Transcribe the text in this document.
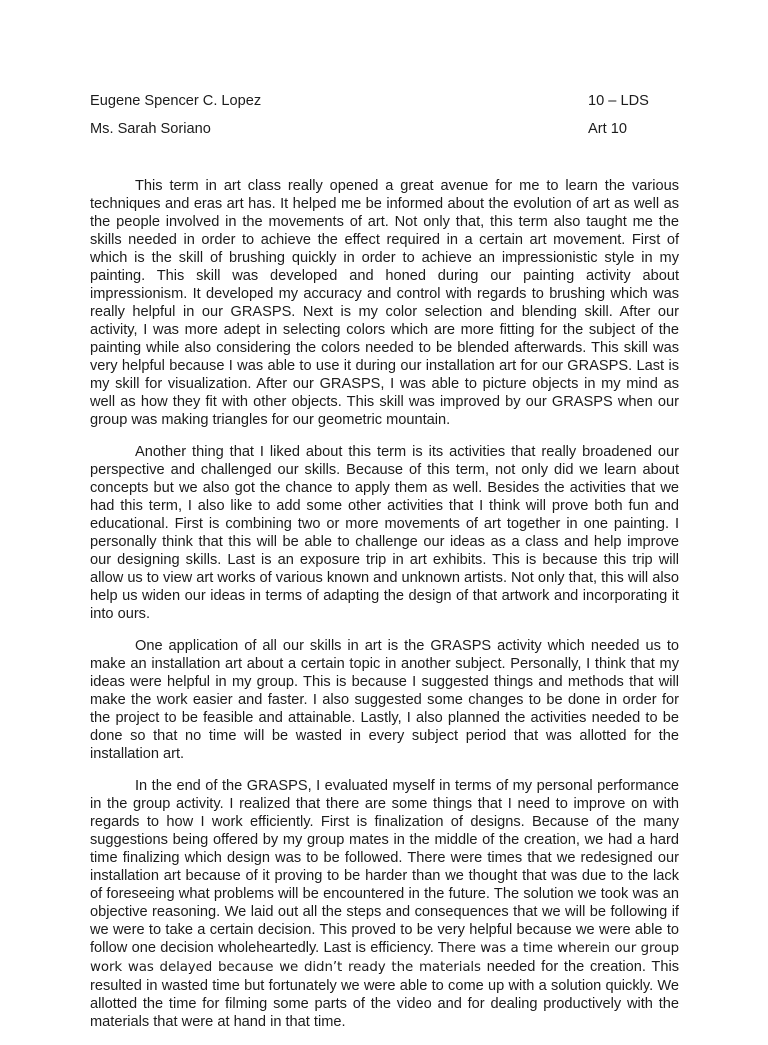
Eugene Spencer C. Lopez	10 – LDS
Ms. Sarah Soriano	Art 10

This term in art class really opened a great avenue for me to learn the various techniques and eras art has. It helped me be informed about the evolution of art as well as the people involved in the movements of art. Not only that, this term also taught me the skills needed in order to achieve the effect required in a certain art movement. First of which is the skill of brushing quickly in order to achieve an impressionistic style in my painting. This skill was developed and honed during our painting activity about impressionism. It developed my accuracy and control with regards to brushing which was really helpful in our GRASPS. Next is my color selection and blending skill. After our activity, I was more adept in selecting colors which are more fitting for the subject of the painting while also considering the colors needed to be blended afterwards. This skill was very helpful because I was able to use it during our installation art for our GRASPS. Last is my skill for visualization. After our GRASPS, I was able to picture objects in my mind as well as how they fit with other objects. This skill was improved by our GRASPS when our group was making triangles for our geometric mountain.

Another thing that I liked about this term is its activities that really broadened our perspective and challenged our skills. Because of this term, not only did we learn about concepts but we also got the chance to apply them as well. Besides the activities that we had this term, I also like to add some other activities that I think will prove both fun and educational. First is combining two or more movements of art together in one painting. I personally think that this will be able to challenge our ideas as a class and help improve our designing skills. Last is an exposure trip in art exhibits. This is because this trip will allow us to view art works of various known and unknown artists. Not only that, this will also help us widen our ideas in terms of adapting the design of that artwork and incorporating it into ours.

One application of all our skills in art is the GRASPS activity which needed us to make an installation art about a certain topic in another subject. Personally, I think that my ideas were helpful in my group. This is because I suggested things and methods that will make the work easier and faster. I also suggested some changes to be done in order for the project to be feasible and attainable. Lastly, I also planned the activities needed to be done so that no time will be wasted in every subject period that was allotted for the installation art.

In the end of the GRASPS, I evaluated myself in terms of my personal performance in the group activity. I realized that there are some things that I need to improve on with regards to how I work efficiently. First is finalization of designs. Because of the many suggestions being offered by my group mates in the middle of the creation, we had a hard time finalizing which design was to be followed. There were times that we redesigned our installation art because of it proving to be harder than we thought that was due to the lack of foreseeing what problems will be encountered in the future. The solution we took was an objective reasoning. We laid out all the steps and consequences that we will be following if we were to take a certain decision. This proved to be very helpful because we were able to follow one decision wholeheartedly. Last is efficiency. There was a time wherein our group work was delayed because we didn’t ready the materials needed for the creation. This resulted in wasted time but fortunately we were able to come up with a solution quickly. We allotted the time for filming some parts of the video and for dealing productively with the materials that were at hand in that time.
